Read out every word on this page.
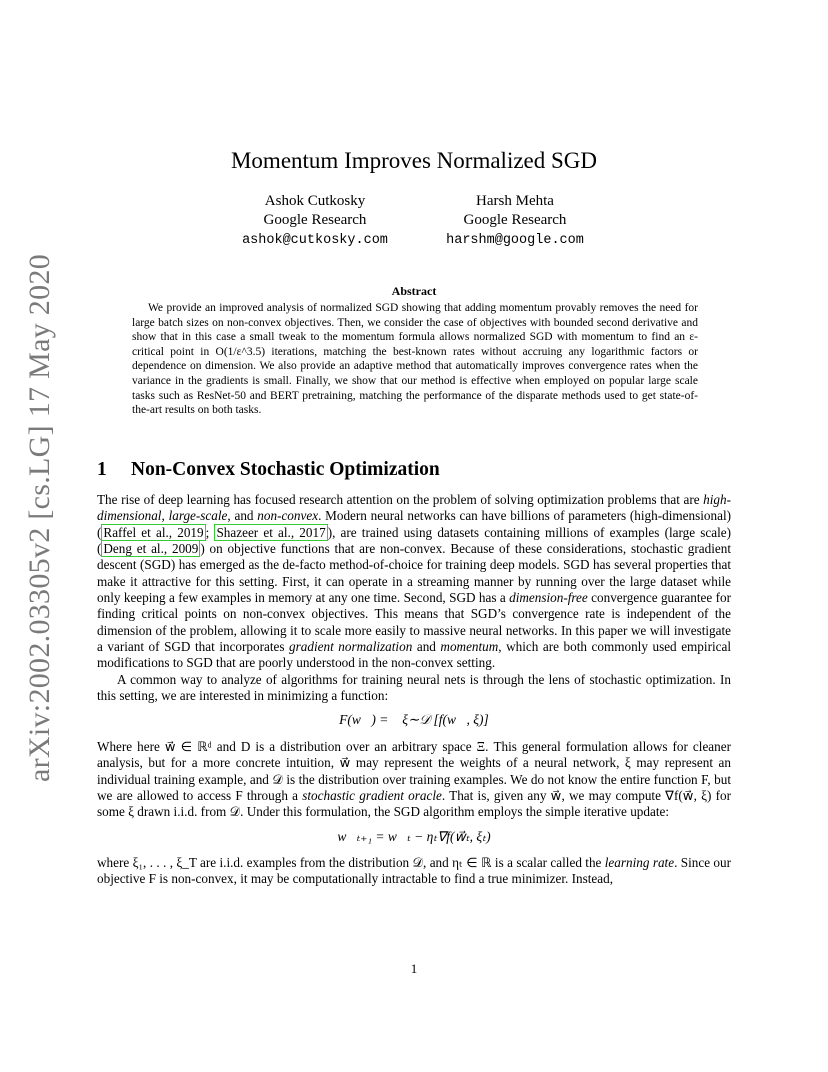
arXiv:2002.03305v2 [cs.LG] 17 May 2020
Momentum Improves Normalized SGD
Ashok Cutkosky
Google Research
ashok@cutkosky.com
Harsh Mehta
Google Research
harshm@google.com
Abstract
We provide an improved analysis of normalized SGD showing that adding momentum provably removes the need for large batch sizes on non-convex objectives. Then, we consider the case of objectives with bounded second derivative and show that in this case a small tweak to the momentum formula allows normalized SGD with momentum to find an ε-critical point in O(1/ε^3.5) iterations, matching the best-known rates without accruing any logarithmic factors or dependence on dimension. We also provide an adaptive method that automatically improves convergence rates when the variance in the gradients is small. Finally, we show that our method is effective when employed on popular large scale tasks such as ResNet-50 and BERT pretraining, matching the performance of the disparate methods used to get state-of-the-art results on both tasks.
1 Non-Convex Stochastic Optimization

The rise of deep learning has focused research attention on the problem of solving optimization problems that are high-dimensional, large-scale, and non-convex. Modern neural networks can have billions of parameters (high-dimensional) ( Raffel et al., 2019 ; Shazeer et al., 2017 ), are trained using datasets containing millions of examples (large scale) ( Deng et al., 2009 ) on objective functions that are non-convex. Because of these considerations, stochastic gradient descent (SGD) has emerged as the de-facto method-of-choice for training deep models. SGD has several properties that make it attractive for this setting. First, it can operate in a streaming manner by running over the large dataset while only keeping a few examples in memory at any one time. Second, SGD has a dimension-free convergence guarantee for finding critical points on non-convex objectives. This means that SGD’s convergence rate is independent of the dimension of the problem, allowing it to scale more easily to massive neural networks. In this paper we will investigate a variant of SGD that incorporates gradient normalization and momentum, which are both commonly used empirical modifications to SGD that are poorly understood in the non-convex setting.

A common way to analyze of algorithms for training neural nets is through the lens of stochastic optimization. In this setting, we are interested in minimizing a function:

F(w⃗) = 𝔼ξ∼𝒟 [f(w⃗, ξ)]

Where here w⃗ ∈ ℝᵈ and D is a distribution over an arbitrary space Ξ. This general formulation allows for cleaner analysis, but for a more concrete intuition, w⃗ may represent the weights of a neural network, ξ may represent an individual training example, and 𝒟 is the distribution over training examples. We do not know the entire function F, but we are allowed to access F through a stochastic gradient oracle. That is, given any w⃗, we may compute ∇f(w⃗, ξ) for some ξ drawn i.i.d. from 𝒟. Under this formulation, the SGD algorithm employs the simple iterative update:

w⃗ₜ₊₁ = w⃗ₜ − ηₜ∇f(w⃗ₜ, ξₜ)

where ξ₁, . . . , ξ_T are i.i.d. examples from the distribution 𝒟, and ηₜ ∈ ℝ is a scalar called the learning rate. Since our objective F is non-convex, it may be computationally intractable to find a true minimizer. Instead,

1
